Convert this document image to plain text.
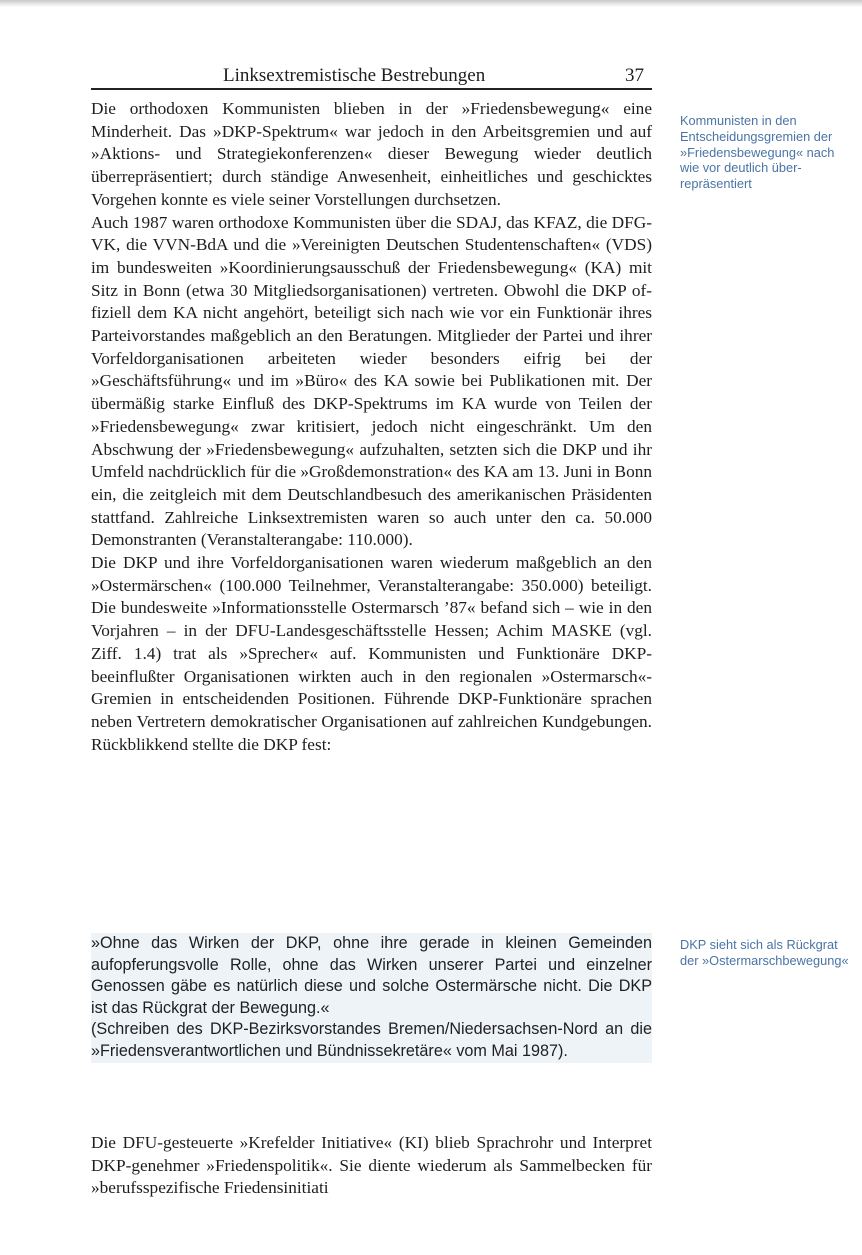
Linksextremistische Bestrebungen	37

Die orthodoxen Kommunisten blieben in der »Friedensbewegung« eine Minderheit. Das »DKP-Spektrum« war jedoch in den Arbeitsgremien und auf »Aktions- und Strategiekonferenzen« dieser Bewegung wieder deutlich überrepräsentiert; durch ständige Anwesenheit, einheitliches und geschicktes Vorgehen konnte es viele seiner Vorstellungen durchsetzen.

Auch 1987 waren orthodoxe Kommunisten über die SDAJ, das KFAZ, die DFG-VK, die VVN-BdA und die »Vereinigten Deutschen Studentenschaften« (VDS) im bundesweiten »Koordinierungsausschuß der Friedensbewegung« (KA) mit Sitz in Bonn (etwa 30 Mitgliedsorganisationen) vertreten. Obwohl die DKP offiziell dem KA nicht angehört, beteiligt sich nach wie vor ein Funktionär ihres Parteivorstandes maßgeblich an den Beratungen. Mitglieder der Partei und ihrer Vorfeldorganisationen arbeiteten wieder besonders eifrig bei der »Geschäftsführung« und im »Büro« des KA sowie bei Publikationen mit. Der übermäßig starke Einfluß des DKP-Spektrums im KA wurde von Teilen der »Friedensbewegung« zwar kritisiert, jedoch nicht eingeschränkt. Um den Abschwung der »Friedensbewegung« aufzuhalten, setzten sich die DKP und ihr Umfeld nachdrücklich für die »Großdemonstration« des KA am 13. Juni in Bonn ein, die zeitgleich mit dem Deutschlandbesuch des amerikanischen Präsidenten stattfand. Zahlreiche Linksextremisten waren so auch unter den ca. 50.000 Demonstranten (Veranstalterangabe: 110.000).

Die DKP und ihre Vorfeldorganisationen waren wiederum maßgeblich an den »Ostermärschen« (100.000 Teilnehmer, Veranstalterangabe: 350.000) beteiligt. Die bundesweite »Informationsstelle Ostermarsch ’87« befand sich – wie in den Vorjahren – in der DFU-Landesgeschäftsstelle Hessen; Achim MASKE (vgl. Ziff. 1.4) trat als »Sprecher« auf. Kommunisten und Funktionäre DKP-beeinflußter Organisationen wirkten auch in den regionalen »Ostermarsch«-Gremien in entscheidenden Positionen. Führende DKP-Funktionäre sprachen neben Vertretern demokratischer Organisationen auf zahlreichen Kundgebungen. Rückblikkend stellte die DKP fest:

»Ohne das Wirken der DKP, ohne ihre gerade in kleinen Gemeinden aufopferungsvolle Rolle, ohne das Wirken unserer Partei und einzelner Genossen gäbe es natürlich diese und solche Ostermärsche nicht. Die DKP ist das Rückgrat der Bewegung.«

(Schreiben des DKP-Bezirksvorstandes Bremen/Niedersachsen-Nord an die »Friedensverantwortlichen und Bündnissekretäre« vom Mai 1987).

Die DFU-gesteuerte »Krefelder Initiative« (KI) blieb Sprachrohr und Interpret DKP-genehmer »Friedenspolitik«. Sie diente wiederum als Sammelbecken für »berufsspezifische Friedensinitiati

Kommunisten in den Entscheidungsgremien der »Friedensbewegung« nach wie vor deutlich überrepräsentiert
DKP sieht sich als Rückgrat der »Ostermarschbewegung«
